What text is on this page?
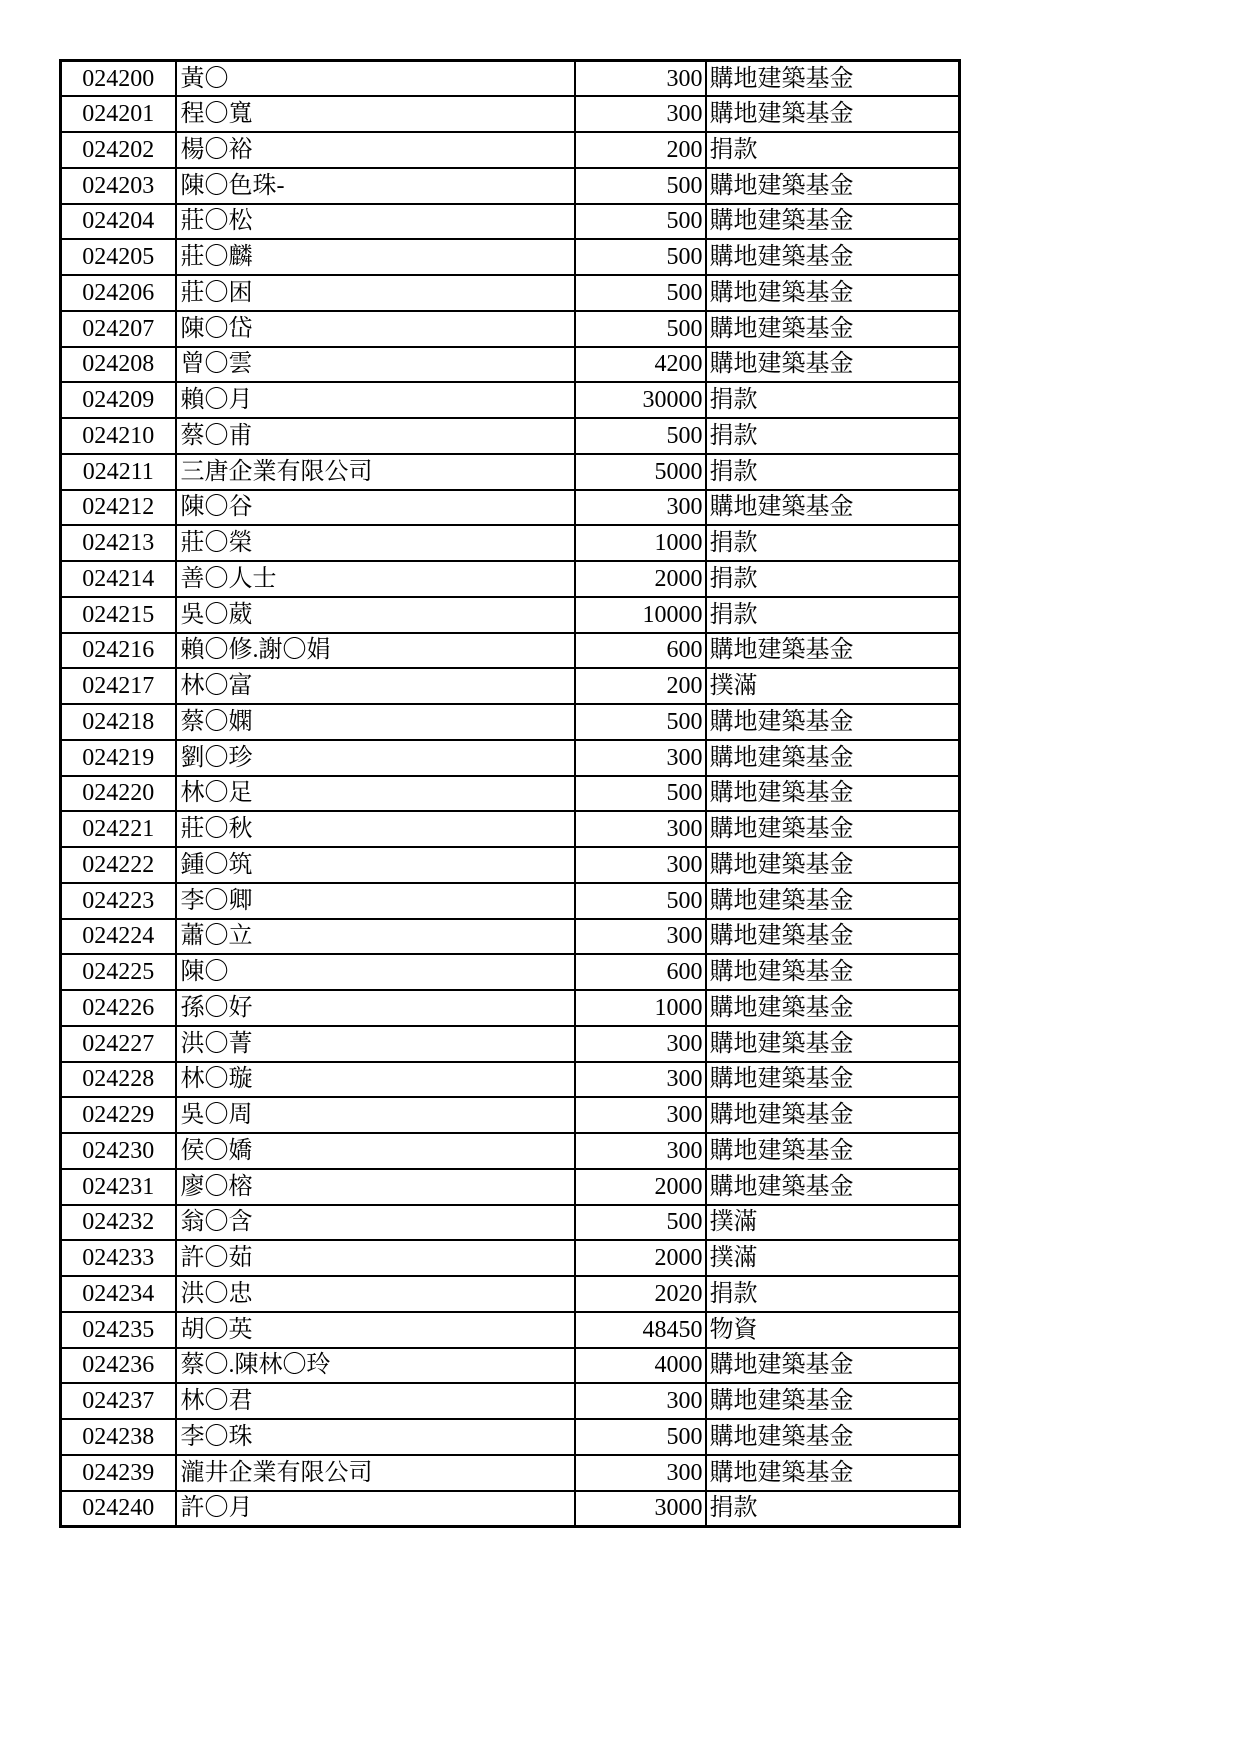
024200	黃〇	300	購地建築基金
024201	程〇寬	300	購地建築基金
024202	楊〇裕	200	捐款
024203	陳〇色珠-	500	購地建築基金
024204	莊〇松	500	購地建築基金
024205	莊〇麟	500	購地建築基金
024206	莊〇困	500	購地建築基金
024207	陳〇岱	500	購地建築基金
024208	曾〇雲	4200	購地建築基金
024209	賴〇月	30000	捐款
024210	蔡〇甫	500	捐款
024211	三唐企業有限公司	5000	捐款
024212	陳〇谷	300	購地建築基金
024213	莊〇榮	1000	捐款
024214	善〇人士	2000	捐款
024215	吳〇葳	10000	捐款
024216	賴〇修.謝〇娟	600	購地建築基金
024217	林〇富	200	撲滿
024218	蔡〇嫻	500	購地建築基金
024219	劉〇珍	300	購地建築基金
024220	林〇足	500	購地建築基金
024221	莊〇秋	300	購地建築基金
024222	鍾〇筑	300	購地建築基金
024223	李〇卿	500	購地建築基金
024224	蕭〇立	300	購地建築基金
024225	陳〇	600	購地建築基金
024226	孫〇好	1000	購地建築基金
024227	洪〇菁	300	購地建築基金
024228	林〇璇	300	購地建築基金
024229	吳〇周	300	購地建築基金
024230	侯〇嬌	300	購地建築基金
024231	廖〇榕	2000	購地建築基金
024232	翁〇含	500	撲滿
024233	許〇茹	2000	撲滿
024234	洪〇忠	2020	捐款
024235	胡〇英	48450	物資
024236	蔡〇.陳林〇玲	4000	購地建築基金
024237	林〇君	300	購地建築基金
024238	李〇珠	500	購地建築基金
024239	瀧井企業有限公司	300	購地建築基金
024240	許〇月	3000	捐款
